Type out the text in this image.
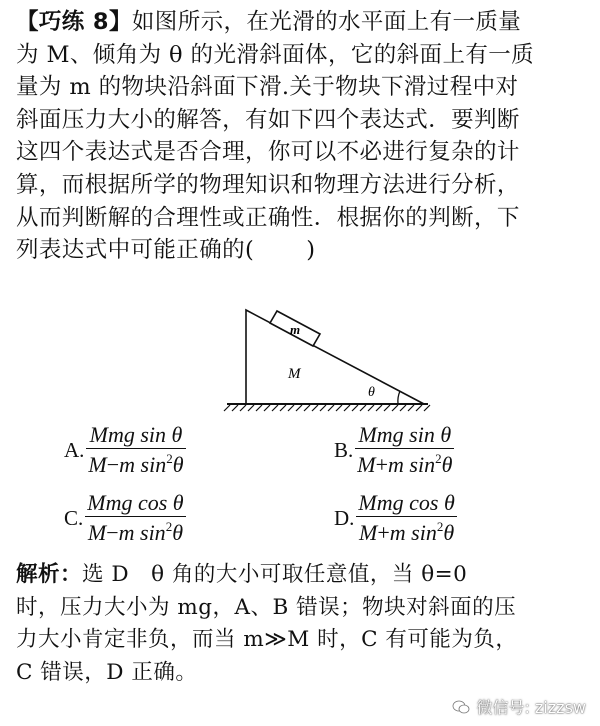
【巧练 8】如图所示，在光滑的水平面上有一质量
为 M、倾角为 θ 的光滑斜面体，它的斜面上有一质
量为 m 的物块沿斜面下滑.关于物块下滑过程中对
斜面压力大小的解答，有如下四个表达式．要判断
这四个表达式是否合理，你可以不必进行复杂的计
算，而根据所学的物理知识和物理方法进行分析，
从而判断解的合理性或正确性．根据你的判断，下
列表达式中可能正确的( )
m
M
θ
A. $\frac{\text{Mmg sin θ}}{M-m \sin^2\theta}$	B. $\frac{\text{Mmg sin θ}}{M+m \sin^2\theta}$
C. $\frac{\text{Mmg cos θ}}{M-m \sin^2\theta}$	D. $\frac{\text{Mmg cos θ}}{M+m \sin^2\theta}$
解析：选 D　θ 角的大小可取任意值，当 θ=0
时，压力大小为 mg，A、B 错误；物块对斜面的压
力大小肯定非负，而当 m≫M 时，C 有可能为负，
C 错误，D 正确。
微信号: zizzsw
